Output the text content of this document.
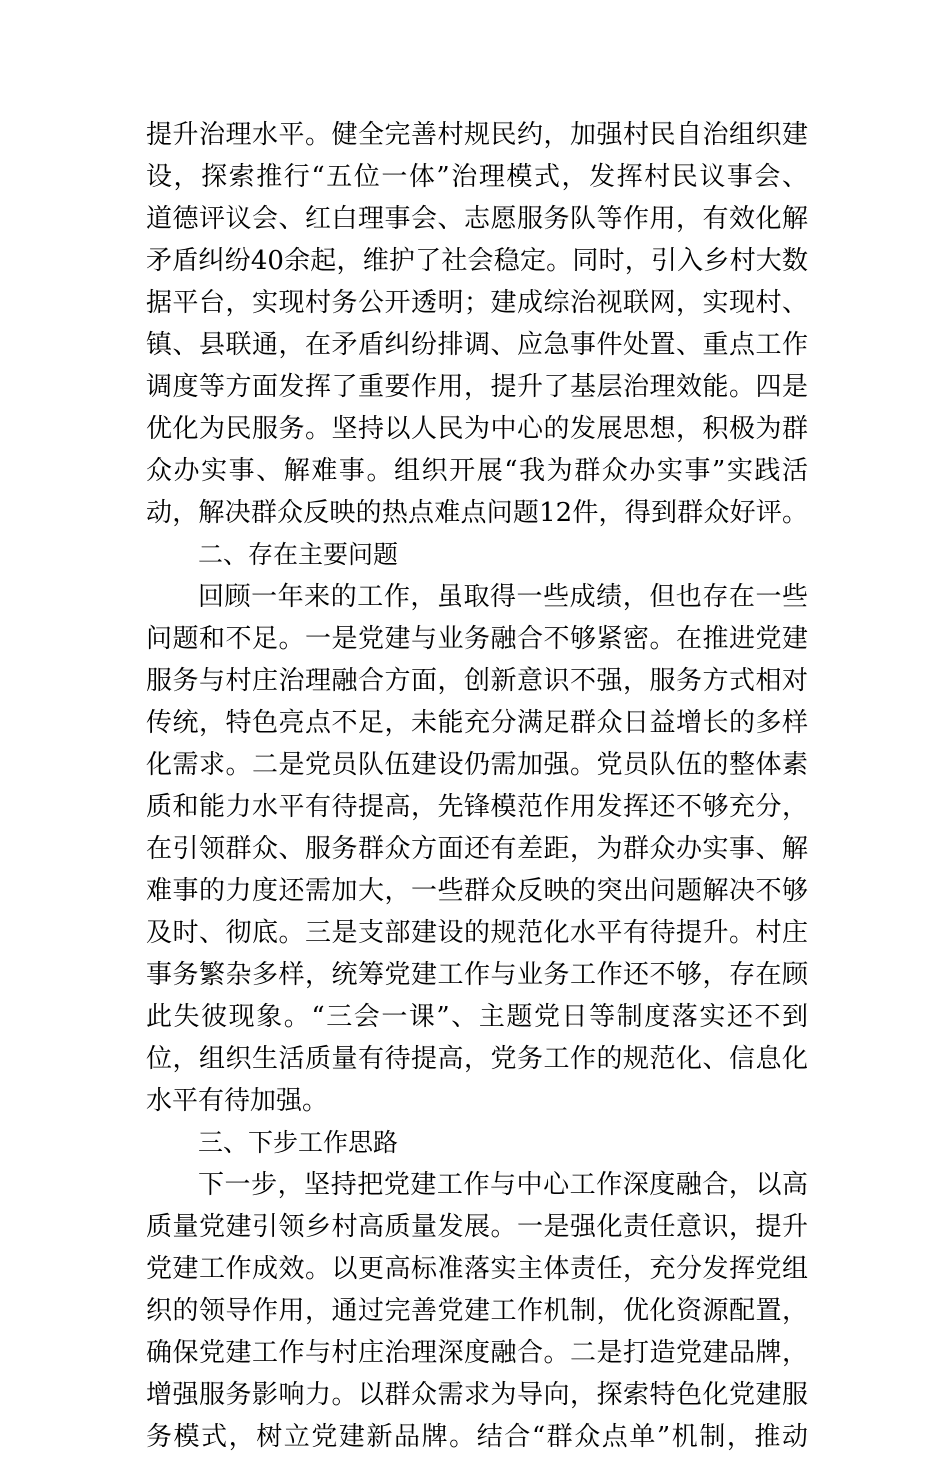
提升治理水平。健全完善村规民约，加强村民自治组织建
设，探索推行“五位一体”治理模式，发挥村民议事会、
道德评议会、红白理事会、志愿服务队等作用，有效化解
矛盾纠纷40余起，维护了社会稳定。同时，引入乡村大数
据平台，实现村务公开透明；建成综治视联网，实现村、
镇、县联通，在矛盾纠纷排调、应急事件处置、重点工作
调度等方面发挥了重要作用，提升了基层治理效能。四是
优化为民服务。坚持以人民为中心的发展思想，积极为群
众办实事、解难事。组织开展“我为群众办实事”实践活
动，解决群众反映的热点难点问题12件，得到群众好评。
二、存在主要问题
回顾一年来的工作，虽取得一些成绩，但也存在一些
问题和不足。一是党建与业务融合不够紧密。在推进党建
服务与村庄治理融合方面，创新意识不强，服务方式相对
传统，特色亮点不足，未能充分满足群众日益增长的多样
化需求。二是党员队伍建设仍需加强。党员队伍的整体素
质和能力水平有待提高，先锋模范作用发挥还不够充分，
在引领群众、服务群众方面还有差距，为群众办实事、解
难事的力度还需加大，一些群众反映的突出问题解决不够
及时、彻底。三是支部建设的规范化水平有待提升。村庄
事务繁杂多样，统筹党建工作与业务工作还不够，存在顾
此失彼现象。“三会一课”、主题党日等制度落实还不到
位，组织生活质量有待提高，党务工作的规范化、信息化
水平有待加强。
三、下步工作思路
下一步，坚持把党建工作与中心工作深度融合，以高
质量党建引领乡村高质量发展。一是强化责任意识，提升
党建工作成效。以更高标准落实主体责任，充分发挥党组
织的领导作用，通过完善党建工作机制，优化资源配置，
确保党建工作与村庄治理深度融合。二是打造党建品牌，
增强服务影响力。以群众需求为导向，探索特色化党建服
务模式，树立党建新品牌。结合“群众点单”机制，推动
